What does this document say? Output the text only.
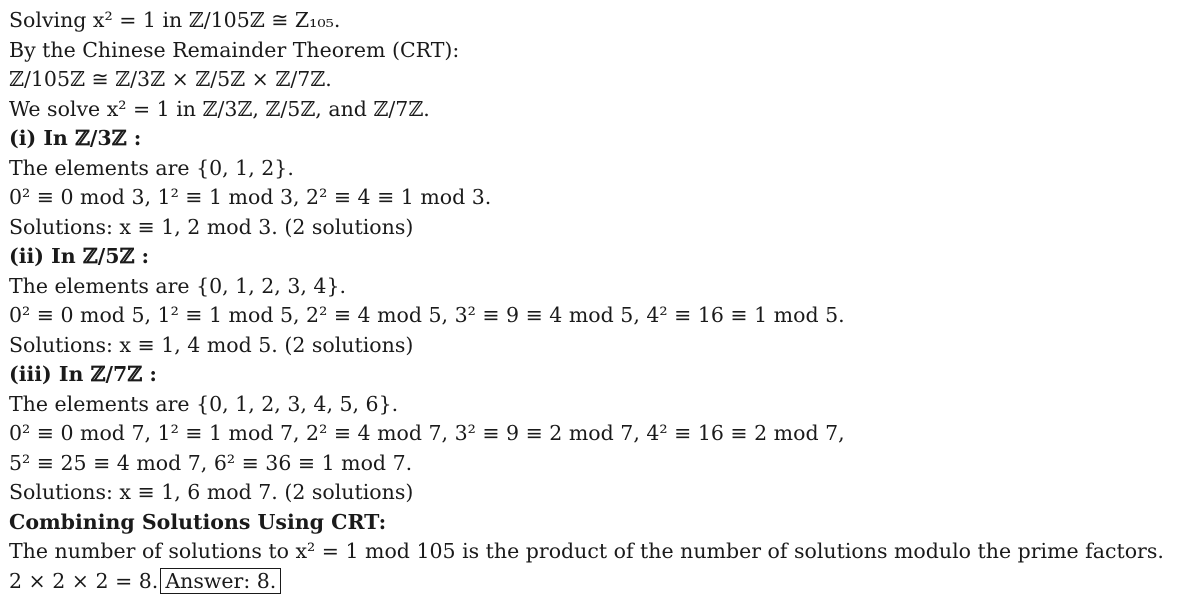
Solving x² = 1 in ℤ/105ℤ ≅ Z₁₀₅.
By the Chinese Remainder Theorem (CRT):
ℤ/105ℤ ≅ ℤ/3ℤ × ℤ/5ℤ × ℤ/7ℤ.
We solve x² = 1 in ℤ/3ℤ, ℤ/5ℤ, and ℤ/7ℤ.
(i) In ℤ/3ℤ :
The elements are {0, 1, 2}.
0² ≡ 0 mod 3, 1² ≡ 1 mod 3, 2² ≡ 4 ≡ 1 mod 3.
Solutions: x ≡ 1, 2 mod 3. (2 solutions)
(ii) In ℤ/5ℤ :
The elements are {0, 1, 2, 3, 4}.
0² ≡ 0 mod 5, 1² ≡ 1 mod 5, 2² ≡ 4 mod 5, 3² ≡ 9 ≡ 4 mod 5, 4² ≡ 16 ≡ 1 mod 5.
Solutions: x ≡ 1, 4 mod 5. (2 solutions)
(iii) In ℤ/7ℤ :
The elements are {0, 1, 2, 3, 4, 5, 6}.
0² ≡ 0 mod 7, 1² ≡ 1 mod 7, 2² ≡ 4 mod 7, 3² ≡ 9 ≡ 2 mod 7, 4² ≡ 16 ≡ 2 mod 7,
5² ≡ 25 ≡ 4 mod 7, 6² ≡ 36 ≡ 1 mod 7.
Solutions: x ≡ 1, 6 mod 7. (2 solutions)
Combining Solutions Using CRT:
The number of solutions to x² = 1 mod 105 is the product of the number of solutions modulo the prime factors.
2 × 2 × 2 = 8. Answer: 8.
